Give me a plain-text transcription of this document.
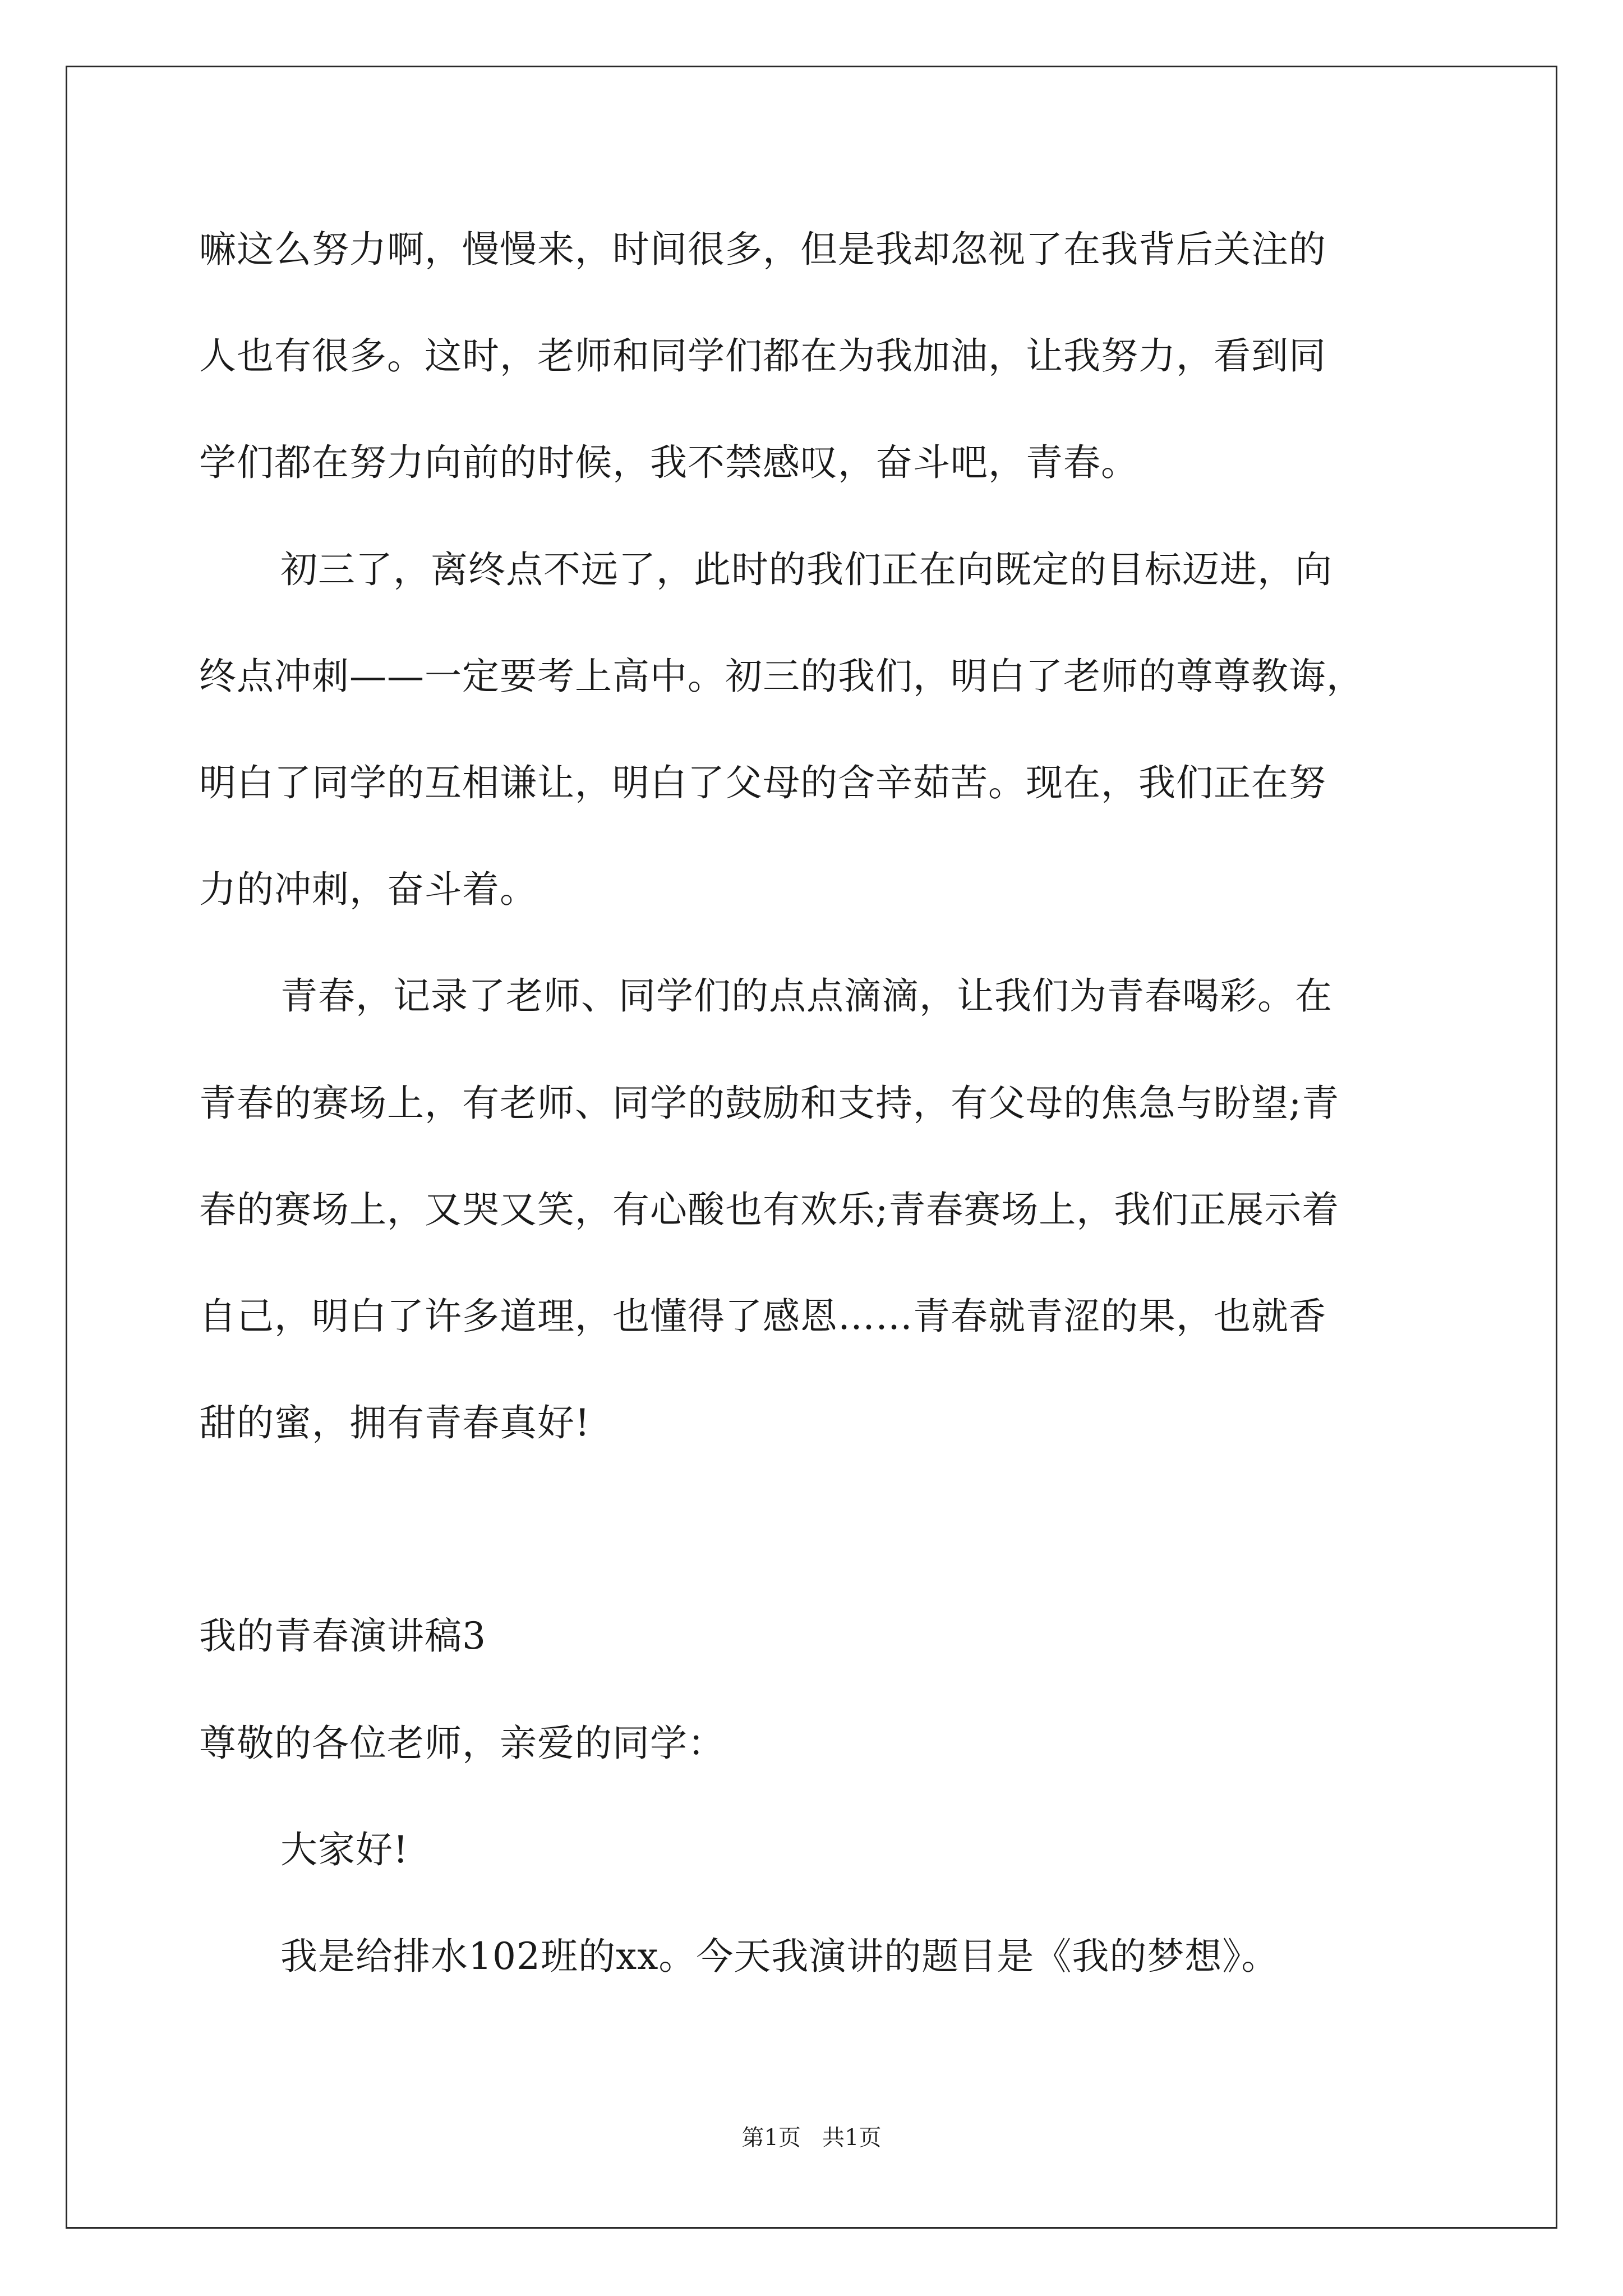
嘛这么努力啊，慢慢来，时间很多，但是我却忽视了在我背后关注的
人也有很多。这时，老师和同学们都在为我加油，让我努力，看到同
学们都在努力向前的时候，我不禁感叹，奋斗吧，青春。
初三了，离终点不远了，此时的我们正在向既定的目标迈进，向
终点冲刺——一定要考上高中。初三的我们，明白了老师的尊尊教诲，
明白了同学的互相谦让，明白了父母的含辛茹苦。现在，我们正在努
力的冲刺，奋斗着。
青春，记录了老师、同学们的点点滴滴，让我们为青春喝彩。在
青春的赛场上，有老师、同学的鼓励和支持，有父母的焦急与盼望;青
春的赛场上，又哭又笑，有心酸也有欢乐;青春赛场上，我们正展示着
自己，明白了许多道理，也懂得了感恩……青春就青涩的果，也就香
甜的蜜，拥有青春真好!
我的青春演讲稿3
尊敬的各位老师，亲爱的同学：
大家好!
我是给排水102班的xx。今天我演讲的题目是《我的梦想》。
第1页   共1页
